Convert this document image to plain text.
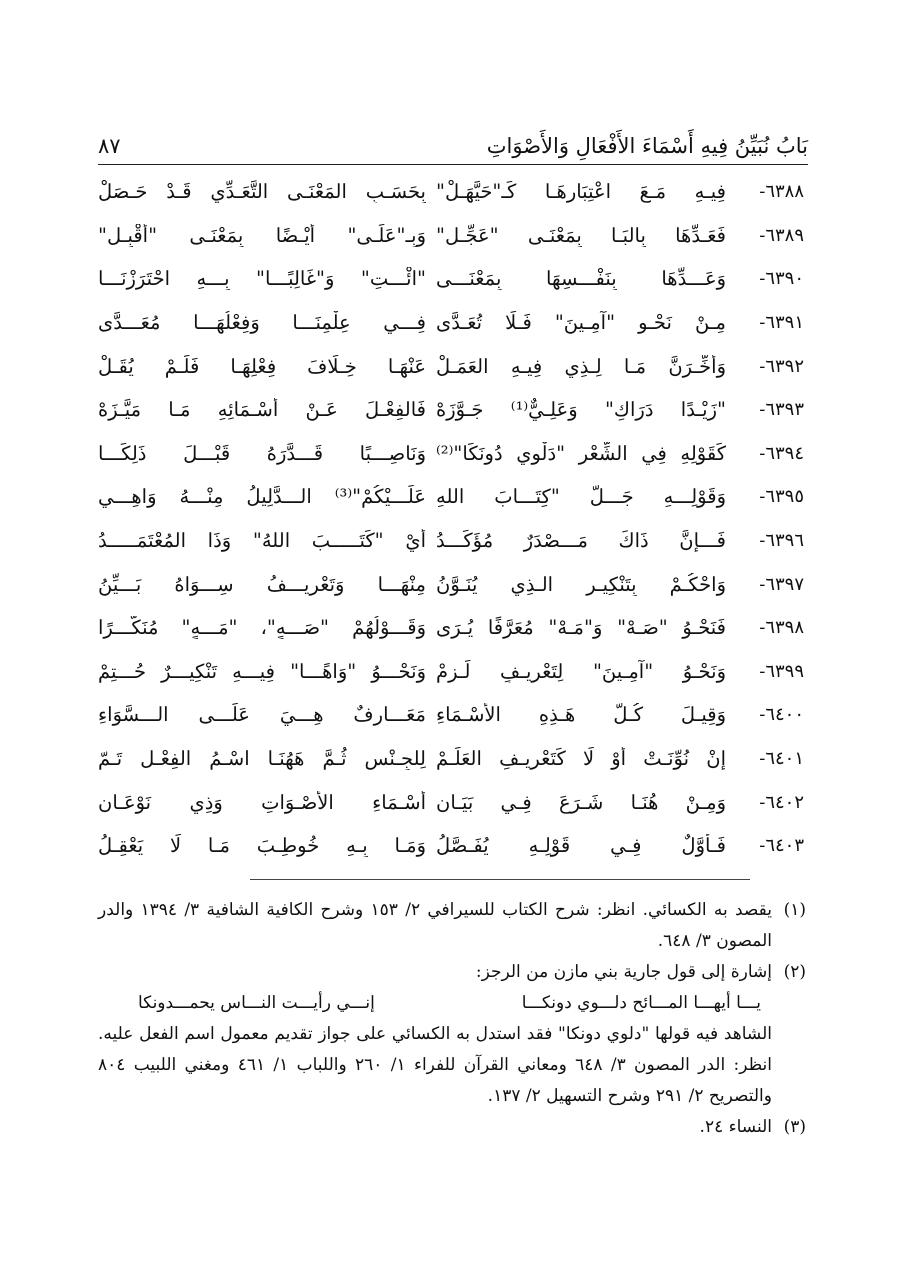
بَابُ نُبَيِّنُ فِيهِ أَسْمَاءَ الأَفْعَالِ وَالأَصْوَاتِ
٨٧
٦٣٨٨-
فِيـهِ مَـعَ اعْتِبَارِهَـا كَـ"حَيَّهَـلْ"
بِحَسَـبِ المَعْنَـى التَّعَـدِّي قَـدْ حَـصَلْ
٦٣٨٩-
فَعَـدِّهَا بِالبَـا بِمَعْنَـى "عَجِّـلِ"
وَبِـ"عَلَـى" أَيْـضًا بِمَعْنَـى "أَقْبِـلِ"
٦٣٩٠-
وَعَـــدِّهَا بِنَفْـــسِهَا بِمَعْنَـــى
"ائْـــتِ" وَ"غَالِبًـــا" بِـــهِ احْتَرَزْنَـــا
٦٣٩١-
مِـنْ نَحْـوِ "آمِـينَ" فَـلَا تُعَـدَّى
فِـــي عِلْمِنَـــا وَفِعْلُهَـــا مُعَـــدَّى
٦٣٩٢-
وَأَخِّـرَنَّ مَـا لِـذِي فِيـهِ العَمَـلْ
عَنْهَـا خِـلَافَ فِعْلِهَـا فَلَـمْ يُقَـلْ
٦٣٩٣-
"زَيْـدًا دَرَاكِ" وَعَلِـيٌّ⁽¹⁾ جَـوَّزَهْ
فَالفِعْـلَ عَـنْ أَسْـمَائِهِ مَـا مَيَّـزَهْ
٦٣٩٤-
كَقَوْلِهِ فِي الشِّعْرِ "دَلْوِي دُونَكَا"⁽²⁾
وَنَاصِـــبًا قَـــدَّرَهُ قَبْـــلَ ذَلِكَـــا
٦٣٩٥-
وَقَوْلِـــهِ جَـــلَّ "كِتَـــابَ اللهِ
عَلَـــيْكُمْ"⁽³⁾ الـــدَّلِيلُ مِنْـــهُ وَاهِـــي
٦٣٩٦-
فَـــإِنَّ ذَاكَ مَـــصْدَرٌ مُؤَكِّـــدُ
أَيْ "كَتَـــــبَ اللهُ" وَذَا المُعْتَمَـــــدُ
٦٣٩٧-
وَاحْكُـمْ بِتَنْكِيـرِ الـذِي يُنَـوَّنُ
مِنْهَـــا وَتَعْرِيـــفُ سِـــوَاهُ بَـــيِّنُ
٦٣٩٨-
فَنَحْـوُ "صَـهْ" وَ"مَـهْ" مُعَرَّفًا يُـرَى
وَقَـــوْلُهُمْ "صَـــهٍ"، "مَـــهٍ" مُنَكَّـــرًا
٦٣٩٩-
وَنَحْـوُ "آمِـينَ" لِتَعْرِيـفٍ لَـزِمْ
وَنَحْـــوُ "وَاهًـــا" فِيـــهِ تَنْكِيـــرٌ حُـــتِمْ
٦٤٠٠-
وَقِيـلَ كُـلُّ هَـذِهِ الأَسْـمَاءِ
مَعَـــارِفٌ هِـــيَ عَلَـــى الـــسَّوَاءِ
٦٤٠١-
إِنْ نُوِّنَـتْ أَوْ لَا كَتَعْرِيـفِ العَلَـمْ
لِلجِـنْسِ ثُـمَّ هَهُنَـا اسْـمُ الفِعْـلِ تَـمّ
٦٤٠٢-
وَمِـنْ هُنَـا شَـرَعَ فِـي بَيَـانِ
أَسْـمَاءِ الأَصْـوَاتِ وَذِي نَوْعَـانِ
٦٤٠٣-
فَـأَوَّلٌ فِـي قَوْلِـهِ يُفَـصَّلُ
وَمَـا بِـهِ خُوطِـبَ مَـا لَا يَعْقِـلُ
(١)
يقصد به الكسائي. انظر: شرح الكتاب للسيرافي ٢/ ١٥٣ وشرح الكافية الشافية ٣/ ١٣٩٤ والدر المصون ٣/ ٦٤٨.
(٢)
إشارة إلى قول جارية بني مازن من الرجز:
يـــا أيهـــا المـــائح دلـــوي دونكـــا
إنـــي رأيـــت النـــاس يحمـــدونكا
الشاهد فيه قولها "دلوي دونكا" فقد استدل به الكسائي على جواز تقديم معمول اسم الفعل عليه. انظر: الدر المصون ٣/ ٦٤٨ ومعاني القرآن للفراء ١/ ٢٦٠ واللباب ١/ ٤٦١ ومغني اللبيب ٨٠٤ والتصريح ٢/ ٢٩١ وشرح التسهيل ٢/ ١٣٧.
(٣)
النساء ٢٤.
